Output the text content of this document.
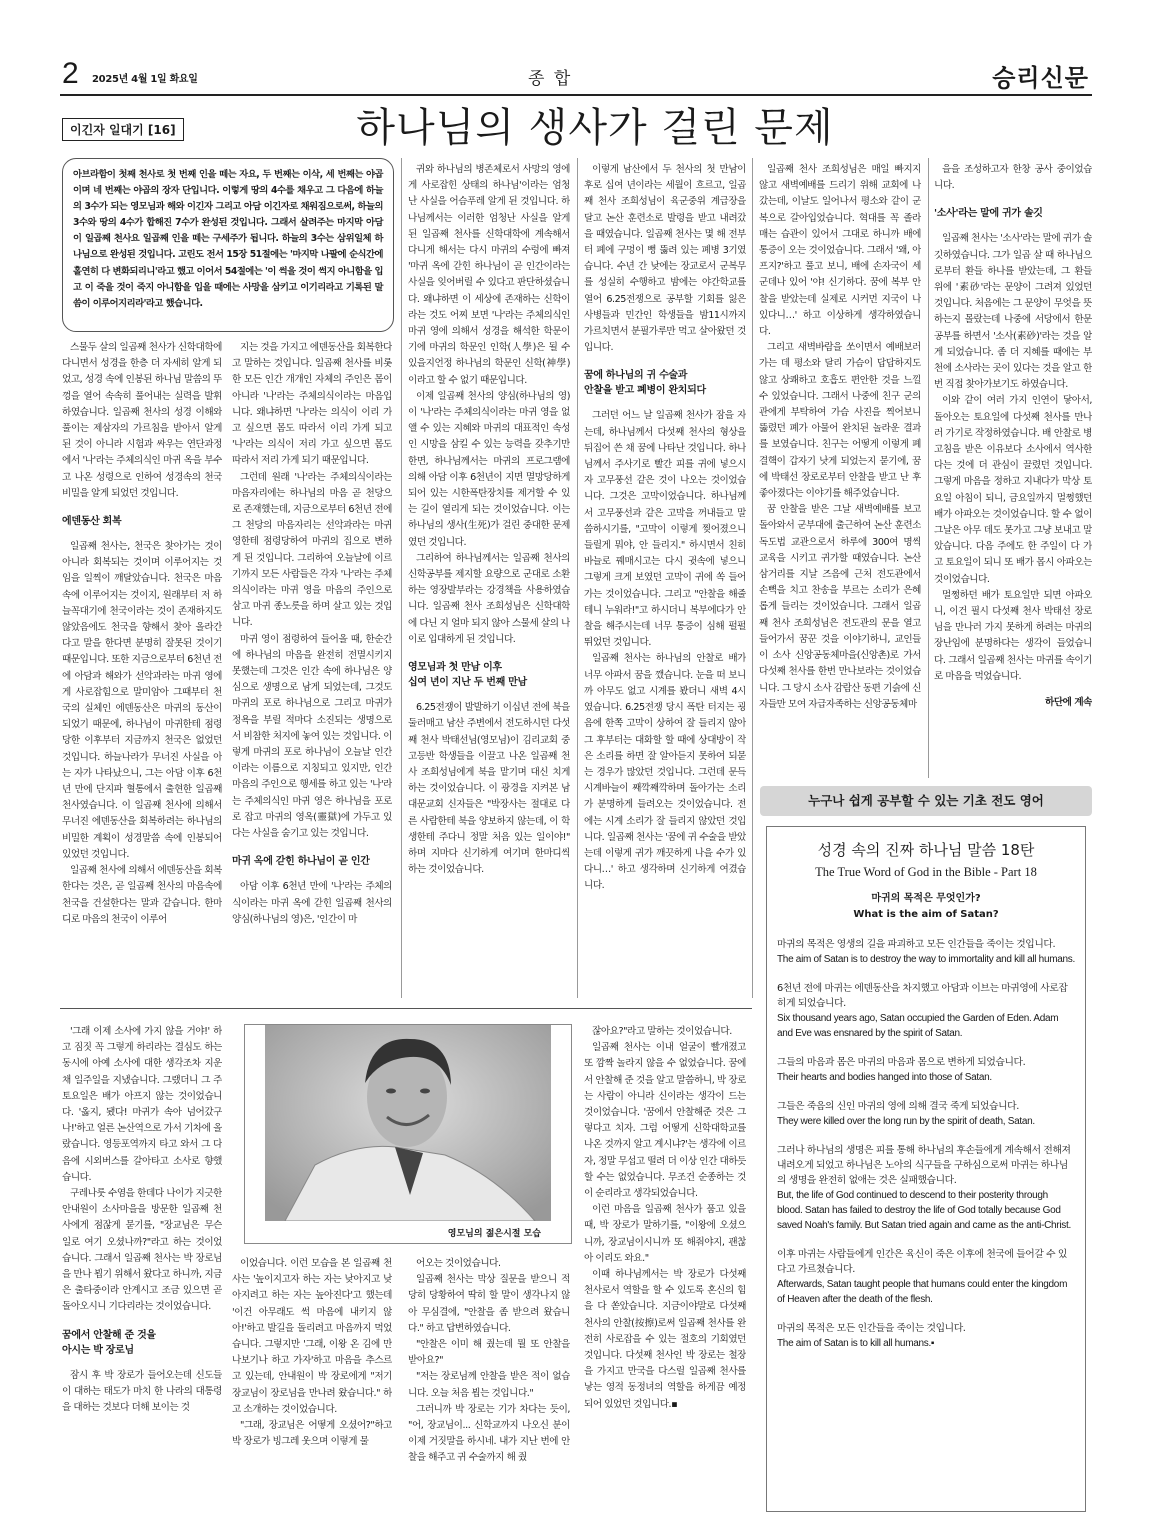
2 2025년 4월 1일 화요일	종 합	승리신문
이긴자 일대기 [16]	하나님의 생사가 걸린 문제
아브라함이 첫째 천사로 첫 번째 인을 떼는 자요, 두 번째는 이삭, 세 번째는 야곱이며 네 번째는 야곱의 장자 단입니다. 이렇게 땅의 4수를 채우고 그 다음에 하늘의 3수가 되는 영모님과 해와 이긴자 그리고 아담 이긴자로 채워짐으로써, 하늘의 3수와 땅의 4수가 합해진 7수가 완성된 것입니다. 그래서 살려주는 마지막 아담이 일곱째 천사요 일곱째 인을 떼는 구세주가 됩니다. 하늘의 3수는 삼위일체 하나님으로 완성된 것입니다. 고린도 전서 15장 51절에는 '마지막 나팔에 순식간에 홀연히 다 변화되리니'라고 했고 이어서 54절에는 '이 썩을 것이 썩지 아니함을 입고 이 죽을 것이 죽지 아니함을 입을 때에는 사망을 삼키고 이기리라고 기록된 말씀이 이루어지리라'라고 했습니다.

스물두 살의 일곱째 천사가 신학대학에 다니면서 성경을 한층 더 자세히 알게 되었고, 성경 속에 인봉된 하나님 말씀의 뚜껑을 열어 속속히 풀어내는 실력을 발휘하였습니다. 일곱째 천사의 성경 이해와 풀이는 제삼자의 가르침을 받아서 알게 된 것이 아니라 시험과 싸우는 연단과정에서 '나'라는 주체의식인 마귀 옥을 부수고 나온 성령으로 인하여 성경속의 천국 비밀을 알게 되었던 것입니다.

에덴동산 회복

일곱째 천사는, 천국은 찾아가는 것이 아니라 회복되는 것이며 이루어지는 것임을 일찍이 깨달았습니다. 천국은 마음속에 이루어지는 것이지, 원래부터 저 하늘꼭대기에 천국이라는 것이 존재하지도 않았음에도 천국을 향해서 찾아 올라간다고 말을 한다면 분명히 잘못된 것이기 때문입니다. 또한 지금으로부터 6천년 전에 아담과 해와가 선악과라는 마귀 영에게 사로잡힘으로 말미암아 그때부터 천국의 실체인 에덴동산은 마귀의 동산이 되었기 때문에, 하나님이 마귀한테 점령당한 이후부터 지금까지 천국은 없었던 것입니다. 하늘나라가 무너진 사실을 아는 자가 나타났으니, 그는 아담 이후 6천년 만에 단지파 혈통에서 출현한 일곱째 천사였습니다. 이 일곱째 천사에 의해서 무너진 에덴동산을 회복하려는 하나님의 비밀한 계획이 성경말씀 속에 인봉되어 있었던 것입니다.

일곱째 천사에 의해서 에덴동산을 회복한다는 것은, 곧 일곱째 천사의 마음속에 천국을 건설한다는 말과 같습니다. 한마디로 마음의 천국이 이루어

지는 것을 가지고 에덴동산을 회복한다고 말하는 것입니다. 일곱째 천사를 비롯한 모든 인간 개개인 자체의 주인은 몸이 아니라 '나'라는 주체의식이라는 마음입니다. 왜냐하면 '나'라는 의식이 이리 가고 싶으면 몸도 따라서 이리 가게 되고 '나'라는 의식이 저리 가고 싶으면 몸도 따라서 저리 가게 되기 때문입니다.

그런데 원래 '나'라는 주체의식이라는 마음자리에는 하나님의 마음 곧 천당으로 존재했는데, 지금으로부터 6천년 전에 그 천당의 마음자리는 선악과라는 마귀 영한테 점령당하여 마귀의 집으로 변하게 된 것입니다. 그리하여 오늘날에 이르기까지 모든 사람들은 각자 '나'라는 주체의식이라는 마귀 영을 마음의 주인으로 삼고 마귀 종노릇을 하며 살고 있는 것입니다.

마귀 영이 점령하여 들어올 때, 한순간에 하나님의 마음을 완전히 전멸시키지 못했는데 그것은 인간 속에 하나님은 양심으로 생명으로 남게 되었는데, 그것도 마귀의 포로 하나님으로 그리고 마귀가 정욕을 부릴 적마다 소진되는 생명으로서 비참한 처지에 놓여 있는 것입니다. 이렇게 마귀의 포로 하나님이 오늘날 인간이라는 이름으로 지칭되고 있지만, 인간 마음의 주인으로 행세를 하고 있는 '나'라는 주체의식인 마귀 영은 하나님을 포로로 잡고 마귀의 영옥(靈獄)에 가두고 있다는 사실을 숨기고 있는 것입니다.

마귀 옥에 갇힌 하나님이 곧 인간

아담 이후 6천년 만에 '나'라는 주체의식이라는 마귀 옥에 갇힌 일곱째 천사의 양심(하나님의 영)은, '인간이 마

귀와 하나님의 병존체로서 사망의 영에게 사로잡힌 상태의 하나님'이라는 엄청난 사실을 어슴푸레 알게 된 것입니다. 하나님께서는 이러한 엄청난 사실을 알게 된 일곱째 천사를 신학대학에 계속해서 다니게 해서는 다시 마귀의 수렁에 빠져 '마귀 옥에 갇힌 하나님이 곧 인간이라는 사실을 잊어버릴 수 있다고 판단하셨습니다. 왜냐하면 이 세상에 존재하는 신학이라는 것도 어찌 보면 '나'라는 주체의식인 마귀 영에 의해서 성경을 해석한 학문이기에 마귀의 학문인 인학(人學)은 될 수 있을지언정 하나님의 학문인 신학(神學)이라고 할 수 없기 때문입니다.

이제 일곱째 천사의 양심(하나님의 영)이 '나'라는 주체의식이라는 마귀 영을 없앨 수 있는 지혜와 마귀의 대표적인 속성인 시망을 삼킬 수 있는 능력을 갖추기만 한면, 하나님께서는 마귀의 프로그램에 의해 아담 이후 6천년이 지면 멸망당하게 되어 있는 시한폭탄장치를 제거할 수 있는 길이 열리게 되는 것이었습니다. 이는 하나님의 생사(生死)가 걸린 중대한 문제였던 것입니다.

그리하여 하나님께서는 일곱째 천사의 신학공부를 제지할 요량으로 군대로 소환하는 영장발부라는 강경책을 사용하였습니다. 일곱째 천사 조희성님은 신학대학에 다닌 지 얼마 되지 않아 스물세 살의 나이로 입대하게 된 것입니다.

영모님과 첫 만남 이후
십여 년이 지난 두 번째 만남

6.25전쟁이 발발하기 이십년 전에 북을 둘러매고 남산 주변에서 전도하시던 다섯째 천사 박태선님(영모님)이 김리교회 중고등반 학생들을 이끌고 나온 일곱째 천사 조희성님에게 북을 맡기며 대신 치게 하는 것이었습니다. 이 광경을 지켜본 남대문교회 신자들은 "박장사는 절대로 다른 사람한테 북을 양보하지 않는데, 이 학생한테 주다니 정말 처음 있는 일이야!" 하며 지마다 신기하게 여기며 한마디씩 하는 것이었습니다.

이렇게 남산에서 두 천사의 첫 만남이후로 십여 년이라는 세월이 흐르고, 일곱째 천사 조희성님이 육군중위 계급장을 달고 논산 훈련소로 발령을 받고 내려갔을 때였습니다. 일곱째 천사는 몇 해 전부터 폐에 구멍이 뻥 뚫려 있는 폐병 3기였습니다. 수년 간 낮에는 장교로서 군복무를 성실히 수행하고 밤에는 야간학교를 열어 6.25전쟁으로 공부할 기회를 잃은 사병들과 민간인 학생들을 밤11시까지 가르치면서 분필가루만 먹고 살아왔던 것입니다.

꿈에 하나님의 귀 수술과
안찰을 받고 폐병이 완치되다

그러던 어느 날 일곱째 천사가 잠을 자는데, 하나님께서 다섯째 천사의 형상을 뒤집어 쓴 채 꿈에 나타난 것입니다. 하나님께서 주사기로 빨간 피를 귀에 넣으시자 고무풍선 같은 것이 나오는 것이었습니다. 그것은 고막이었습니다. 하나님께서 고무풍선과 같은 고막을 꺼내들고 말씀하시기를, "고막이 이렇게 찢어졌으니 들릴게 뭐야, 안 들리지." 하시면서 친히 바늘로 꿰매시고는 다시 귓속에 넣으니 그렇게 크게 보였던 고막이 귀에 쏙 들어가는 것이었습니다. 그리고 "안찰을 해줄 테니 누워라!"고 하시더니 복부에다가 안찰을 해주시는데 너무 통증이 심해 펄펄 뛰었던 것입니다.

일곱째 천사는 하나님의 안찰로 배가 너무 아파서 꿈을 깼습니다. 눈을 떠 보니까 아무도 없고 시계를 봤더니 새벽 4시였습니다. 6.25전쟁 당시 폭탄 터지는 굉음에 한쪽 고막이 상하여 잘 들리지 않아 그 후부터는 대화할 할 때에 상대방이 작은 소리를 하면 잘 알아듣지 못하여 되묻는 경우가 많았던 것입니다. 그런데 문득 시계바늘이 째깍째깍하며 돌아가는 소리가 분명하게 들려오는 것이었습니다. 전에는 시계 소리가 잘 들리지 않았던 것입니다. 일곱째 천사는 '꿈에 귀 수술을 받았는데 이렇게 귀가 깨끗하게 나을 수가 있다니…' 하고 생각하며 신기하게 여겼습니다.

일곱째 천사 조희성님은 매일 빠지지 않고 새벽예배를 드리기 위해 교회에 나갔는데, 이날도 일어나서 평소와 같이 군복으로 갈아입었습니다. 혁대를 꼭 졸라매는 습관이 있어서 그대로 하니까 배에 통증이 오는 것이었습니다. 그래서 '왜, 아프지?'하고 풀고 보니, 배에 손자국이 세 군데나 있어 '야! 신기하다. 꿈에 복부 안찰을 받았는데 실제로 시커먼 지국이 나 있다니…' 하고 이상하게 생각하였습니다.

그리고 새벽바람을 쏘이면서 예배보러가는 데 평소와 달리 가슴이 답답하지도 않고 상쾌하고 호흡도 편안한 것을 느낄 수 있었습니다. 그래서 나중에 친구 군의관에게 부탁하여 가슴 사진을 찍어보니 뚫렸던 폐가 아물어 완치된 놀라운 결과를 보였습니다. 친구는 어떻게 이렇게 폐결핵이 갑자기 낫게 되었는지 묻기에, 꿈에 박태선 장로로부터 안찰을 받고 난 후 좋아졌다는 이야기를 해주었습니다.

꿈 안찰을 받은 그날 새벽예배를 보고 돌아와서 군부대에 출근하여 논산 훈련소 독도법 교관으로서 하루에 300여 명씩 교육을 시키고 귀가할 때였습니다. 논산 삼거리를 지날 즈음에 근처 전도관에서 손뼉을 치고 찬송을 부르는 소리가 은혜롭게 들리는 것이었습니다. 그래서 일곱째 천사 조희성님은 전도관의 문을 열고 들어가서 꿈꾼 것을 이야기하니, 교인들이 소사 신앙공동체마을(신앙촌)로 가서 다섯째 천사를 한번 만나보라는 것이었습니다. 그 당시 소사 감람산 동편 기슭에 신자들만 모여 자급자족하는 신앙공동체마

을을 조성하고자 한창 공사 중이었습니다.

'소사'라는 말에 귀가 솔깃

일곱째 천사는 '소사'라는 말에 귀가 솔깃하였습니다. 그가 일곱 살 때 하나님으로부터 환들 하나를 받았는데, 그 환들 위에 '素砂'라는 문양이 그려져 있었던 것입니다. 처음에는 그 문양이 무엇을 뜻하는지 몰랐는데 나중에 서당에서 한문공부를 하면서 '소사(素砂)'라는 것을 알게 되었습니다. 좀 더 지혜를 때에는 부천에 소사라는 곳이 있다는 것을 알고 한번 직접 찾아가보기도 하였습니다.

이와 같이 여러 가지 인연이 닿아서, 돌아오는 토요일에 다섯째 천사를 만나러 가기로 작정하였습니다. 배 안찰로 병고침을 받은 이유보다 소사에서 역사한다는 것에 더 관심이 끌렸던 것입니다. 그렇게 마음을 정하고 지내다가 막상 토요일 아침이 되니, 금요일까지 멀쩡했던 배가 아파오는 것이었습니다. 할 수 없이 그날은 아무 데도 못가고 그냥 보내고 말았습니다. 다음 주에도 한 주일이 다 가고 토요일이 되니 또 배가 몹시 아파오는 것이었습니다.

멀쩡하던 배가 토요일만 되면 아파오니, 이건 필시 다섯째 천사 박태선 장로님을 만나러 가지 못하게 하려는 마귀의 장난임에 분명하다는 생각이 들었습니다. 그래서 일곱째 천사는 마귀를 속이기로 마음을 먹었습니다.

하단에 계속

누구나 쉽게 공부할 수 있는 기초 전도 영어
성경 속의 진짜 하나님 말씀 18탄
The True Word of God in the Bible - Part 18
마귀의 목적은 무엇인가?
What is the aim of Satan?
마귀의 목적은 영생의 길을 파괴하고 모든 인간들을 죽이는 것입니다.
The aim of Satan is to destroy the way to immortality and kill all humans.
6천년 전에 마귀는 에덴동산을 차지했고 아담과 이브는 마귀영에 사로잡히게 되었습니다.
Six thousand years ago, Satan occupied the Garden of Eden. Adam and Eve was ensnared by the spirit of Satan.
그들의 마음과 몸은 마귀의 마음과 몸으로 변하게 되었습니다.
Their hearts and bodies hanged into those of Satan.
그들은 죽음의 신인 마귀의 영에 의해 결국 죽게 되었습니다.
They were killed over the long run by the spirit of death, Satan.
그러나 하나님의 생명은 피를 통해 하나님의 후손들에게 계속해서 전해져 내려오게 되었고 하나님은 노아의 식구들을 구하심으로써 마귀는 하나님의 생명을 완전히 없애는 것은 실패했습니다.
But, the life of God continued to descend to their posterity through blood. Satan has failed to destroy the life of God totally because God saved Noah's family. But Satan tried again and came as the anti-Christ.
이후 마귀는 사람들에게 인간은 육신이 죽은 이후에 천국에 들어갈 수 있다고 가르쳤습니다.
Afterwards, Satan taught people that humans could enter the kingdom of Heaven after the death of the flesh.
마귀의 목적은 모든 인간들을 죽이는 것입니다.
The aim of Satan is to kill all humans.▪

'그래 이제 소사에 가지 않을 거야!' 하고 짐짓 꼭 그렇게 하리라는 결심도 하는 동시에 아예 소사에 대한 생각조차 지운 채 일주일을 지냈습니다. 그랬더니 그 주 토요일은 배가 아프지 않는 것이었습니다. '옳지, 됐다! 마귀가 속아 넘어갔구나!'하고 얼른 논산역으로 가서 기차에 올랐습니다. 영등포역까지 타고 와서 그 다음에 시외버스를 갈아타고 소사로 향했습니다.

구레나룻 수염을 한데다 나이가 지긋한 안내원이 소사마을을 방문한 일곱째 천사에게 점잖게 묻기를, "장교님은 무슨 일로 여기 오셨나까?"라고 하는 것이었습니다. 그래서 일곱째 천사는 박 장로님을 만나 뵙기 위해서 왔다고 하니까, 지금은 출타중이라 안계시고 조금 있으면 곧 돌아오시니 기다리라는 것이었습니다.

꿈에서 안찰해 준 것을
아시는 박 장로님

잠시 후 박 장로가 들어오는데 신도들이 대하는 태도가 마치 한 나라의 대통령을 대하는 것보다 더해 보이는 것

이었습니다. 이런 모습을 본 일곱째 천사는 '높이지고자 하는 자는 낮아지고 낮아지려고 하는 자는 높아진다'고 했는데 '이건 아무래도 썩 마음에 내키지 않아!'하고 발길을 돌리려고 마음까지 먹었습니다. 그렇지만 '그래, 이왕 온 김에 만나보기나 하고 가자'하고 마음을 추스르고 있는데, 안내원이 박 장로에게 "저기 장교님이 장로님을 만나려 왔습니다." 하고 소개하는 것이었습니다.

"그래, 장교님은 어떻게 오셨어?"하고 박 장로가 빙그레 웃으며 이렇게 물

어오는 것이었습니다.

일곱째 천사는 막상 질문을 받으니 적당히 당황하여 딱히 할 말이 생각나지 않아 무심결에, "안찰을 좀 받으려 왔습니다." 하고 답변하였습니다.

"안찰은 이미 해 줬는데 뭘 또 안찰을 받아요?"

"저는 장로님께 안찰을 받은 적이 없습니다. 오늘 처음 뵙는 것입니다."

그러니까 박 장로는 기가 차다는 듯이, "어, 장교님이... 신학교까지 나오신 분이 이제 거짓말을 하시네. 내가 지난 번에 안찰을 해주고 귀 수술까지 해 줬

잖아요?"라고 말하는 것이었습니다.

일곱째 천사는 이내 얼굴이 빨개졌고 또 깜짝 놀라지 않을 수 없었습니다. 꿈에서 안찰해 준 것을 알고 말씀하니, 박 장로는 사람이 아니라 신이라는 생각이 드는 것이었습니다. '꿈에서 안찰해준 것은 그렇다고 치자. 그럼 어떻게 신학대학교를 나온 것까지 알고 계시냐?'는 생각에 이르자, 정말 무섭고 떨려 더 이상 인간 대하듯 할 수는 없었습니다. 무조건 순종하는 것이 순리라고 생각되었습니다.

이런 마음을 일곱째 천사가 품고 있을 때, 박 장로가 말하기를, "이왕에 오셨으니까, 장교님이시니까 또 해줘야지, 괜찮아 이리도 와요."

이때 하나님께서는 박 장로가 다섯째 천사로서 역할을 할 수 있도록 혼신의 힘을 다 쏟았습니다. 지금이야말로 다섯째 천사의 안찰(按擦)로써 일곱째 천사를 완전히 사로잡을 수 있는 절호의 기회였던 것입니다. 다섯째 천사인 박 장로는 철장을 가지고 만국을 다스릴 일곱째 천사를 낳는 영적 동정녀의 역할을 하게끔 예정되어 있었던 것입니다.▪

영모님의 젊은시절 모습
